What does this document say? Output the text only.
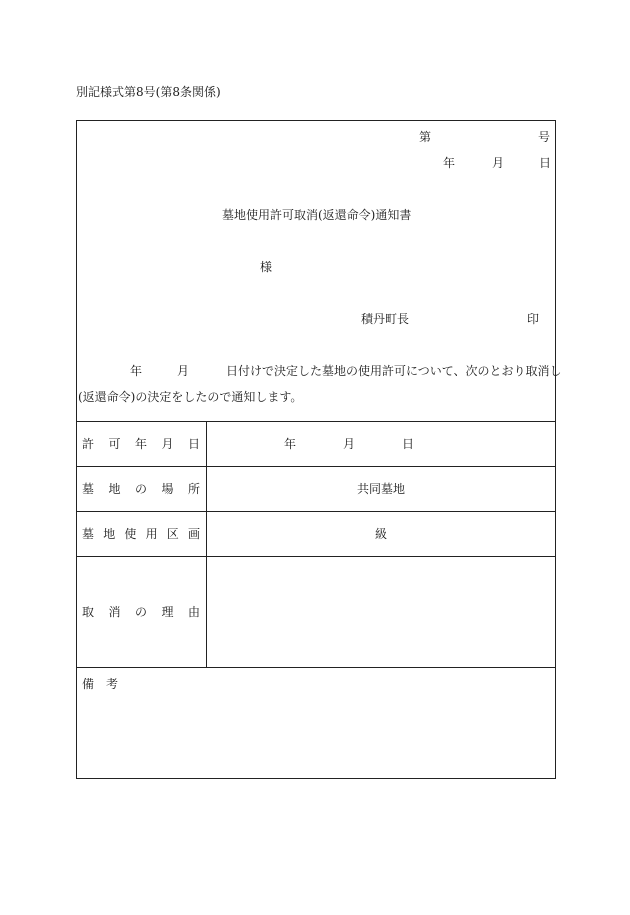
別記様式第8号(第8条関係)
第	号
年	月	日
墓地使用許可取消(返還命令)通知書
様
積丹町長	印
年	月	日付けで決定した墓地の使用許可について、次のとおり取消し
(返還命令)の決定をしたので通知します。
許 可 年 月 日	年	月	日
墓 地 の 場 所	共同墓地
墓 地 使 用 区 画	級
取 消 の 理 由
備　考
